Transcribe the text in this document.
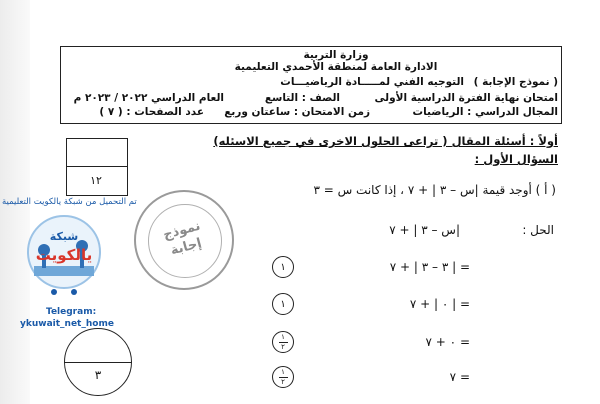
وزارة التربية
الادارة العامة لمنطقة الأحمدي التعليمية
( نموذج الإجابة )
التوجيه الفني لمـــــادة الرياضيـــات
امتحان نهاية الفترة الدراسية الأولى
الصف : التاسع
العام الدراسي ٢٠٢٢ / ٢٠٢٣ م
المجال الدراسي : الرياضيات
زمن الامتحان : ساعتان وربع
عدد الصفحات : ( ٧ )
أولاً : أسئلة المقال ( تراعى الحلول الاخرى في جميع الاسئله)
السؤال الأول :
١٢
( أ ) أوجد قيمة |س – ٣ | + ٧ ، إذا كانت س = ٣
الحل :
|س – ٣ | + ٧
= | ٣ – ٣ | + ٧
١
= | ٠ | + ٧
١
= ٠ + ٧
١
٢
= ٧
١
٢
نموذج
إجابة
تم التحميل من شبكة يالكويت التعليمية
شبكة
يالكويت
Telegram:
ykuwait_net_home
٣
